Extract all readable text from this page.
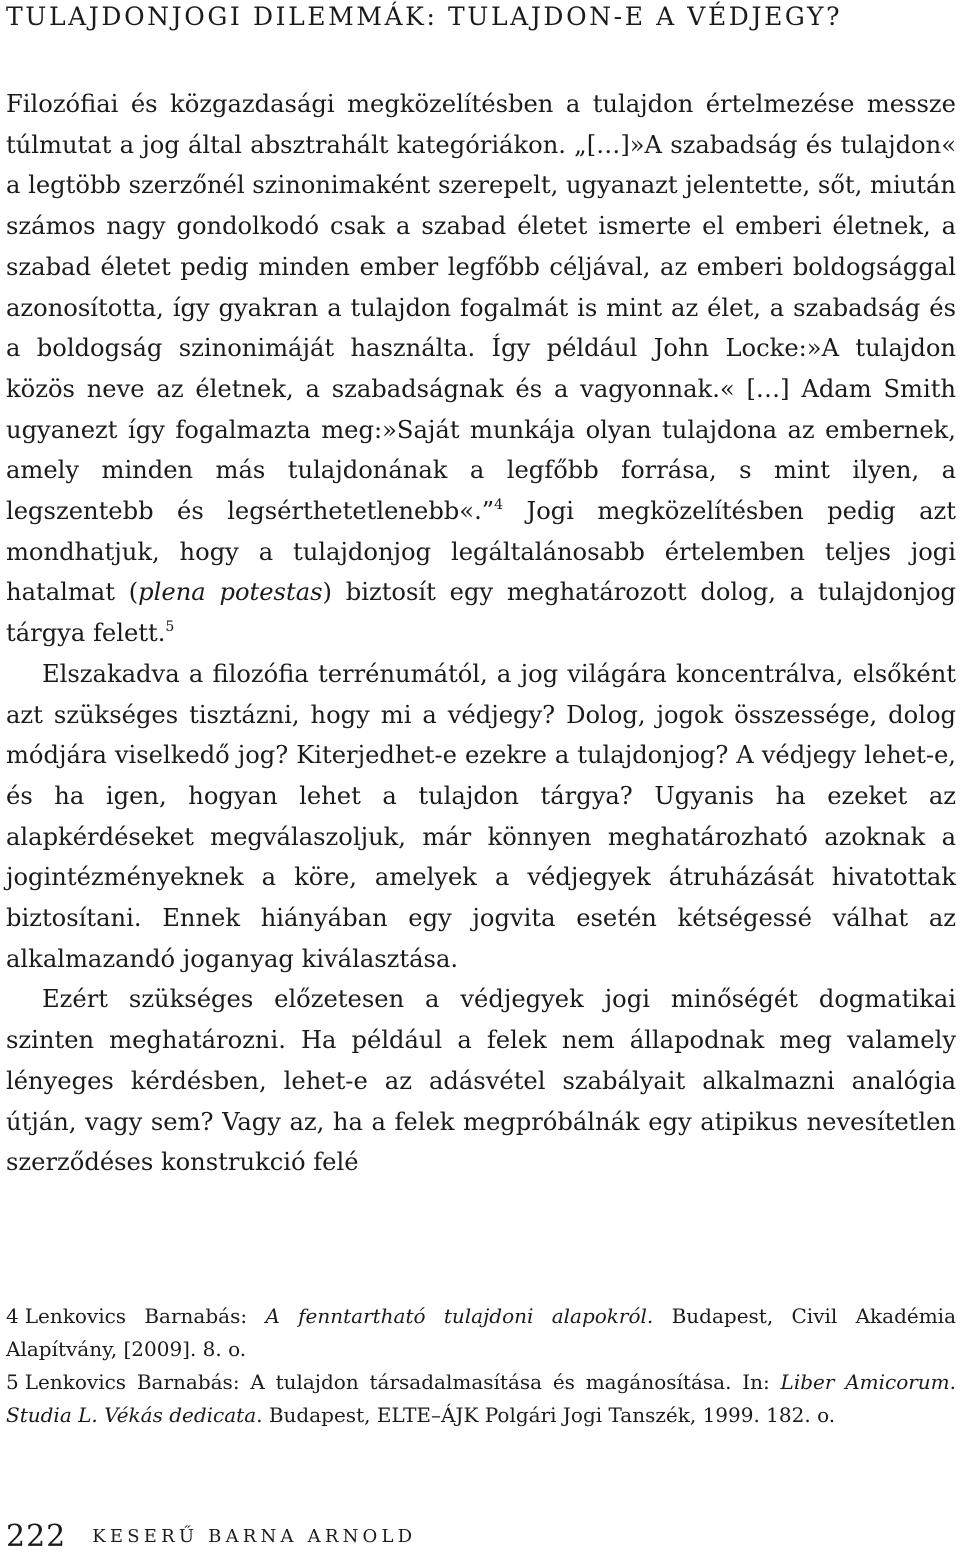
TULAJDONJOGI DILEMMÁK: TULAJDON-E A VÉDJEGY?

Filozófiai és közgazdasági megközelítésben a tulajdon értelmezése messze túlmutat a jog által absztrahált kategóriákon. „[…]»A szabadság és tulajdon« a legtöbb szerzőnél szinonimaként szerepelt, ugyanazt jelentette, sőt, miután számos nagy gondolkodó csak a szabad életet ismerte el emberi életnek, a szabad életet pedig minden ember legfőbb céljával, az emberi boldogsággal azonosította, így gyakran a tulajdon fogalmát is mint az élet, a szabadság és a boldogság szinonimáját használta. Így például John Locke:»A tulajdon közös neve az életnek, a szabadságnak és a vagyonnak.« […] Adam Smith ugyanezt így fogalmazta meg:»Saját munkája olyan tulajdona az embernek, amely minden más tulajdonának a legfőbb forrása, s mint ilyen, a legszentebb és legsérthetetlenebb«.”$^4$ Jogi megközelítésben pedig azt mondhatjuk, hogy a tulajdonjog legáltalánosabb értelemben teljes jogi hatalmat (plena potestas) biztosít egy meghatározott dolog, a tulajdonjog tárgya felett.$^5$

Elszakadva a filozófia terrénumától, a jog világára koncentrálva, elsőként azt szükséges tisztázni, hogy mi a védjegy? Dolog, jogok összessége, dolog módjára viselkedő jog? Kiterjedhet-e ezekre a tulajdonjog? A védjegy lehet-e, és ha igen, hogyan lehet a tulajdon tárgya? Ugyanis ha ezeket az alapkérdéseket megválaszoljuk, már könnyen meghatározható azoknak a jogintézményeknek a köre, amelyek a védjegyek átruházását hivatottak biztosítani. Ennek hiányában egy jogvita esetén kétségessé válhat az alkalmazandó joganyag kiválasztása.

Ezért szükséges előzetesen a védjegyek jogi minőségét dogmatikai szinten meghatározni. Ha például a felek nem állapodnak meg valamely lényeges kérdésben, lehet-e az adásvétel szabályait alkalmazni analógia útján, vagy sem? Vagy az, ha a felek megpróbálnák egy atipikus nevesítetlen szerződéses konstrukció felé

4 Lenkovics Barnabás: A fenntartható tulajdoni alapokról. Budapest, Civil Akadémia Alapítvány, [2009]. 8. o.
5 Lenkovics Barnabás: A tulajdon társadalmasítása és magánosítása. In: Liber Amicorum. Studia L. Vékás dedicata. Budapest, ELTE–ÁJK Polgári Jogi Tanszék, 1999. 182. o.
222 KESERŰ BARNA ARNOLD
